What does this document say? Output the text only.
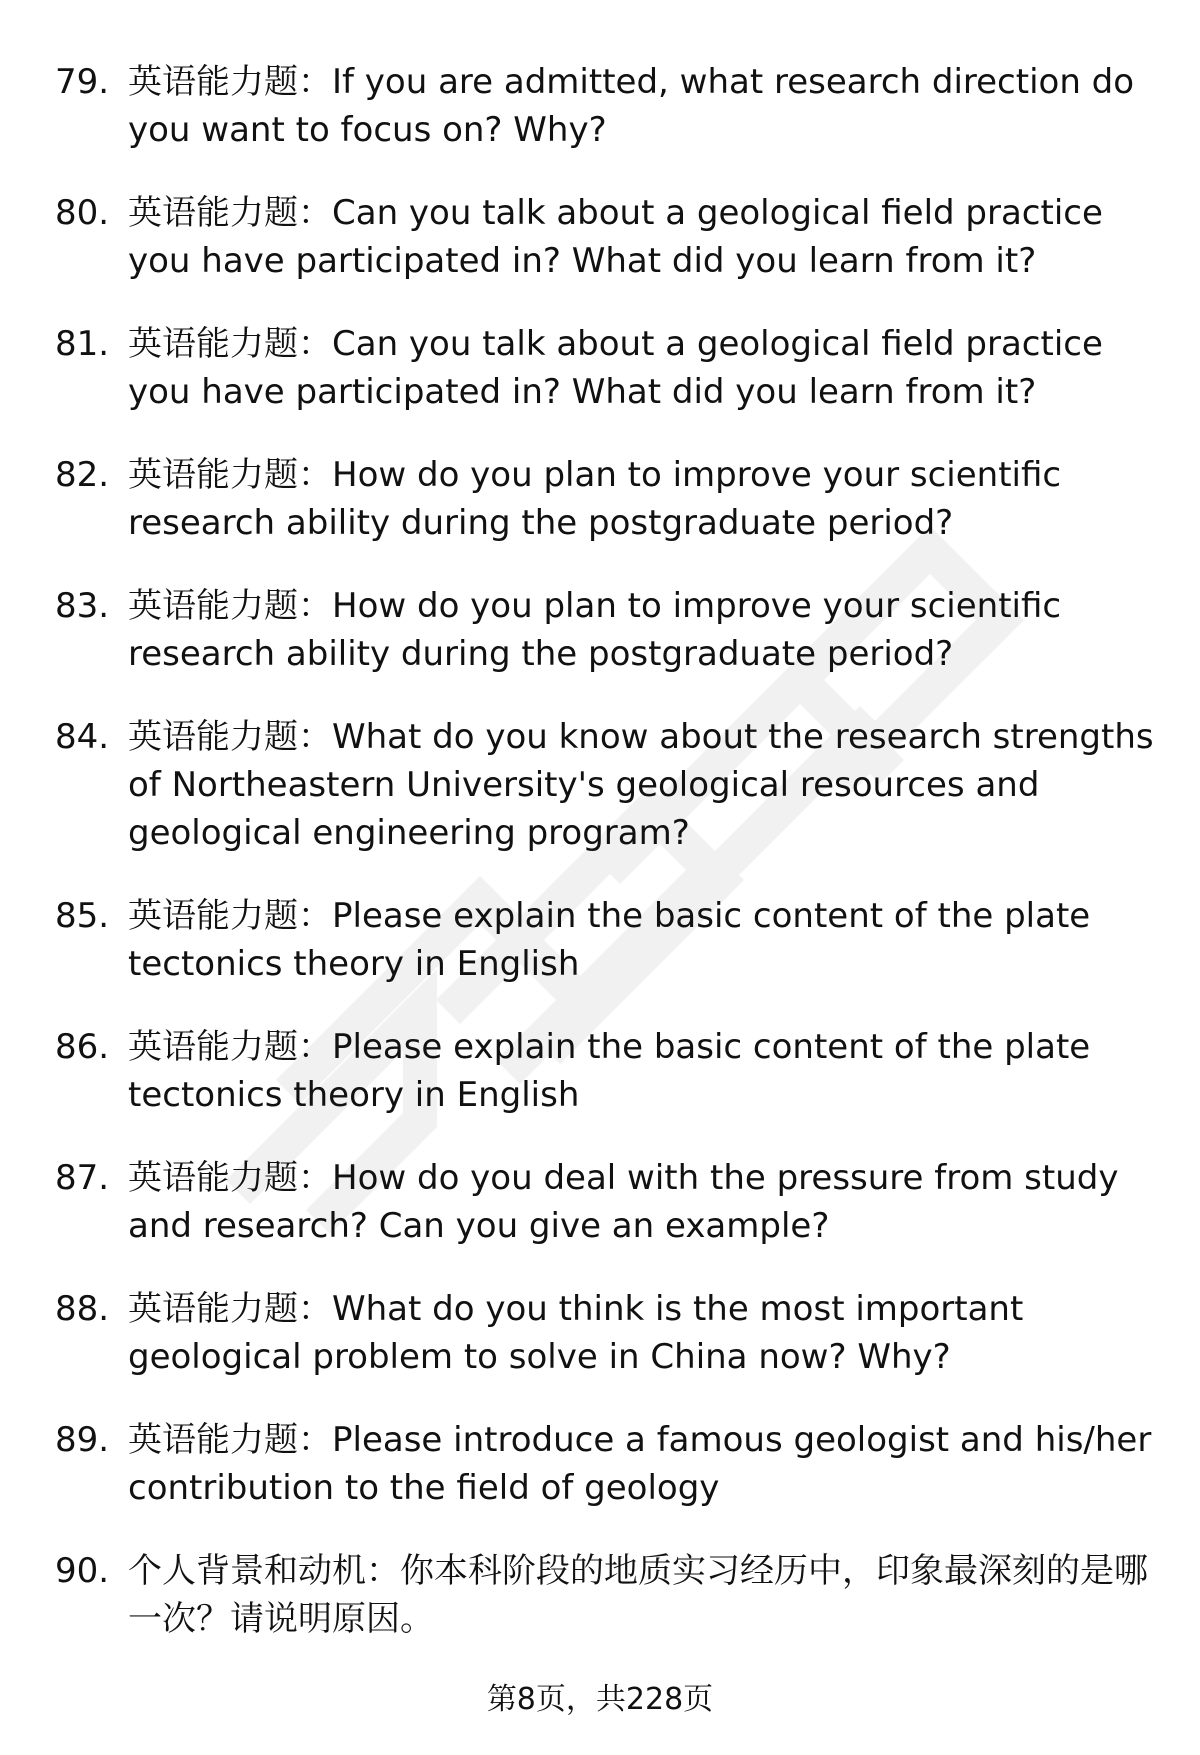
79. 英语能力题：If you are admitted, what research direction do you want to focus on? Why?
80. 英语能力题：Can you talk about a geological field practice you have participated in? What did you learn from it?
81. 英语能力题：Can you talk about a geological field practice you have participated in? What did you learn from it?
82. 英语能力题：How do you plan to improve your scientific research ability during the postgraduate period?
83. 英语能力题：How do you plan to improve your scientific research ability during the postgraduate period?
84. 英语能力题：What do you know about the research strengths of Northeastern University's geological resources and geological engineering program?
85. 英语能力题：Please explain the basic content of the plate tectonics theory in English
86. 英语能力题：Please explain the basic content of the plate tectonics theory in English
87. 英语能力题：How do you deal with the pressure from study and research? Can you give an example?
88. 英语能力题：What do you think is the most important geological problem to solve in China now? Why?
89. 英语能力题：Please introduce a famous geologist and his/her contribution to the field of geology
90. 个人背景和动机：你本科阶段的地质实习经历中，印象最深刻的是哪一次？请说明原因。
第8页，共228页
